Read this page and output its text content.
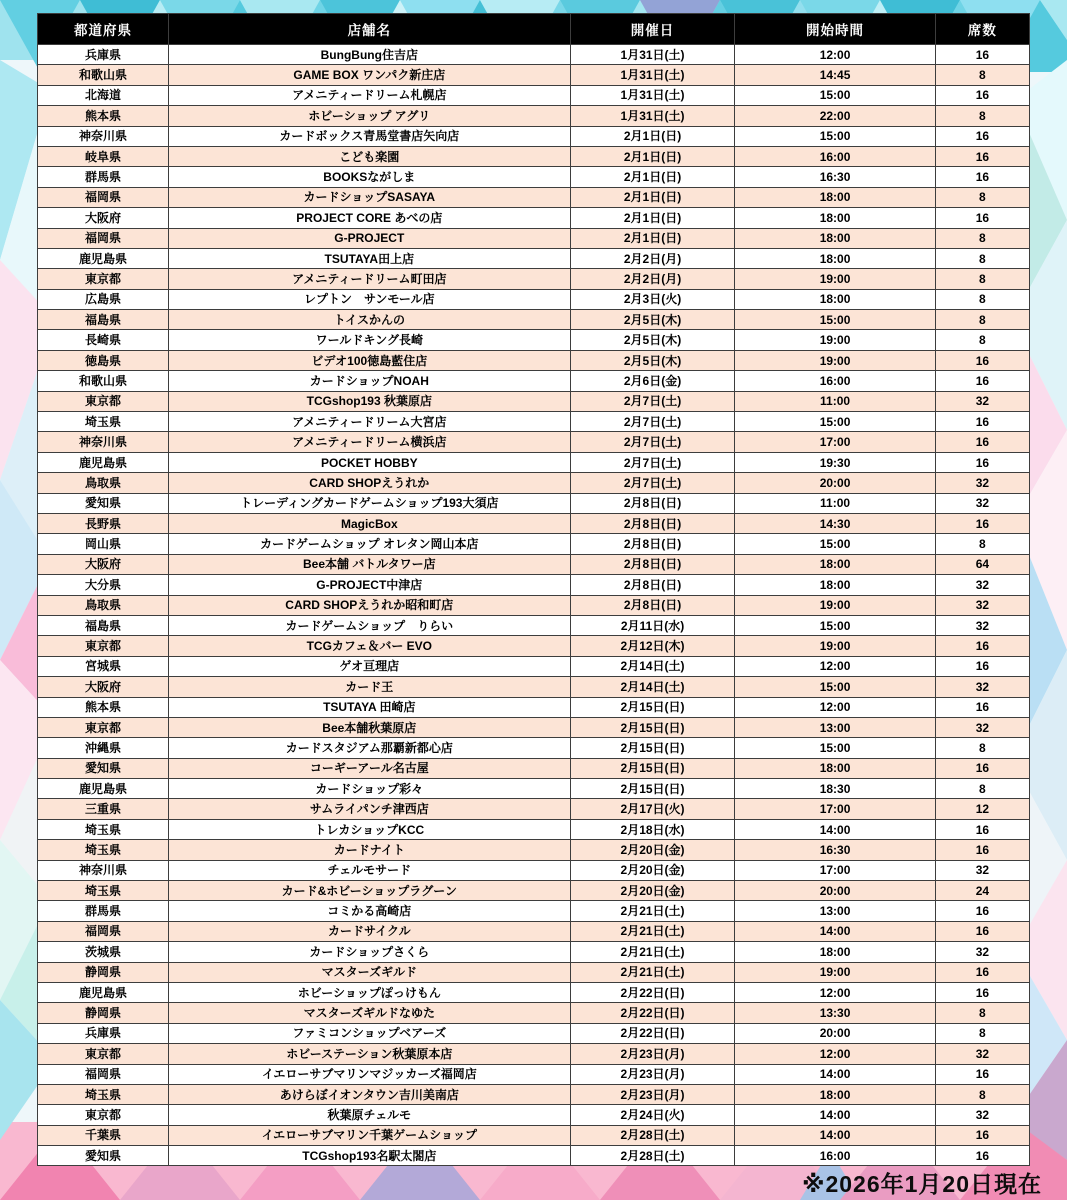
都道府県	店舗名	開催日	開始時間	席数
兵庫県	BungBung住吉店	1月31日(土)	12:00	16
和歌山県	GAME BOX ワンパク新庄店	1月31日(土)	14:45	8
北海道	アメニティードリーム札幌店	1月31日(土)	15:00	16
熊本県	ホビーショップ アグリ	1月31日(土)	22:00	8
神奈川県	カードボックス青馬堂書店矢向店	2月1日(日)	15:00	16
岐阜県	こども楽園	2月1日(日)	16:00	16
群馬県	BOOKSながしま	2月1日(日)	16:30	16
福岡県	カードショップSASAYA	2月1日(日)	18:00	8
大阪府	PROJECT CORE あべの店	2月1日(日)	18:00	16
福岡県	G-PROJECT	2月1日(日)	18:00	8
鹿児島県	TSUTAYA田上店	2月2日(月)	18:00	8
東京都	アメニティードリーム町田店	2月2日(月)	19:00	8
広島県	レプトン　サンモール店	2月3日(火)	18:00	8
福島県	トイスかんの	2月5日(木)	15:00	8
長崎県	ワールドキング長崎	2月5日(木)	19:00	8
徳島県	ビデオ100徳島藍住店	2月5日(木)	19:00	16
和歌山県	カードショップNOAH	2月6日(金)	16:00	16
東京都	TCGshop193 秋葉原店	2月7日(土)	11:00	32
埼玉県	アメニティードリーム大宮店	2月7日(土)	15:00	16
神奈川県	アメニティードリーム横浜店	2月7日(土)	17:00	16
鹿児島県	POCKET HOBBY	2月7日(土)	19:30	16
鳥取県	CARD SHOPえうれか	2月7日(土)	20:00	32
愛知県	トレーディングカードゲームショップ193大須店	2月8日(日)	11:00	32
長野県	MagicBox	2月8日(日)	14:30	16
岡山県	カードゲームショップ オレタン岡山本店	2月8日(日)	15:00	8
大阪府	Bee本舗 バトルタワー店	2月8日(日)	18:00	64
大分県	G-PROJECT中津店	2月8日(日)	18:00	32
鳥取県	CARD SHOPえうれか昭和町店	2月8日(日)	19:00	32
福島県	カードゲームショップ　りらい	2月11日(水)	15:00	32
東京都	TCGカフェ＆バー EVO	2月12日(木)	19:00	16
宮城県	ゲオ亘理店	2月14日(土)	12:00	16
大阪府	カード王	2月14日(土)	15:00	32
熊本県	TSUTAYA 田崎店	2月15日(日)	12:00	16
東京都	Bee本舗秋葉原店	2月15日(日)	13:00	32
沖縄県	カードスタジアム那覇新都心店	2月15日(日)	15:00	8
愛知県	コーギーアール名古屋	2月15日(日)	18:00	16
鹿児島県	カードショップ彩々	2月15日(日)	18:30	8
三重県	サムライパンチ津西店	2月17日(火)	17:00	12
埼玉県	トレカショップKCC	2月18日(水)	14:00	16
埼玉県	カードナイト	2月20日(金)	16:30	16
神奈川県	チェルモサード	2月20日(金)	17:00	32
埼玉県	カード&ホビーショップラグーン	2月20日(金)	20:00	24
群馬県	コミかる高崎店	2月21日(土)	13:00	16
福岡県	カードサイクル	2月21日(土)	14:00	16
茨城県	カードショップさくら	2月21日(土)	18:00	32
静岡県	マスターズギルド	2月21日(土)	19:00	16
鹿児島県	ホビーショップぽっけもん	2月22日(日)	12:00	16
静岡県	マスターズギルドなゆた	2月22日(日)	13:30	8
兵庫県	ファミコンショップベアーズ	2月22日(日)	20:00	8
東京都	ホビーステーション秋葉原本店	2月23日(月)	12:00	32
福岡県	イエローサブマリンマジッカーズ福岡店	2月23日(月)	14:00	16
埼玉県	あけらぼイオンタウン吉川美南店	2月23日(月)	18:00	8
東京都	秋葉原チェルモ	2月24日(火)	14:00	32
千葉県	イエローサブマリン千葉ゲームショップ	2月28日(土)	14:00	16
愛知県	TCGshop193名駅太閤店	2月28日(土)	16:00	16
※2026年1月20日現在
